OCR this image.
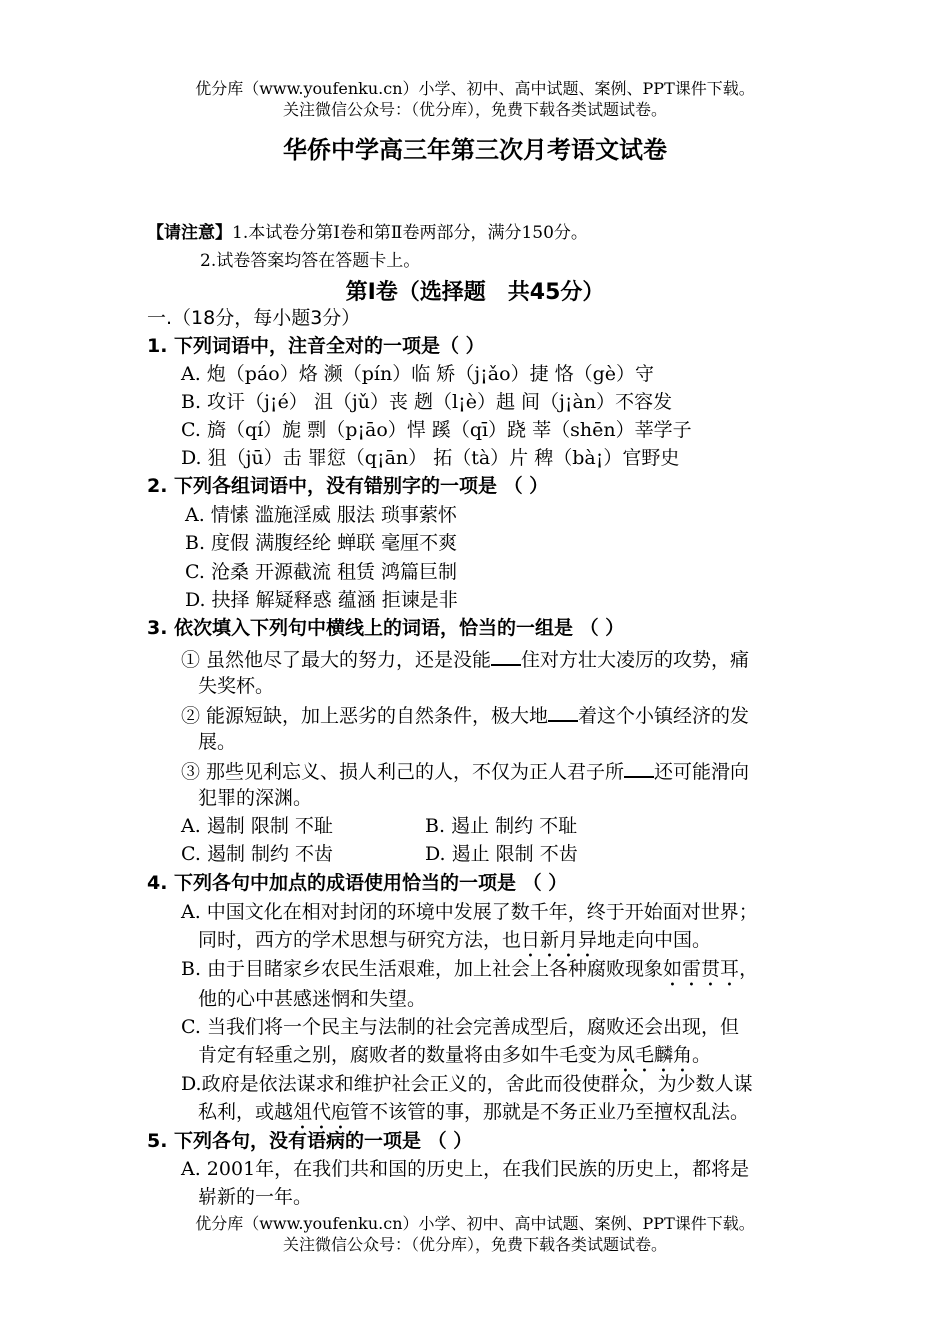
优分库（www.youfenku.cn）小学、初中、高中试题、案例、PPT课件下载。
关注微信公众号：（优分库），免费下载各类试题试卷。
华侨中学高三年第三次月考语文试卷
【请注意】1.本试卷分第Ⅰ卷和第Ⅱ卷两部分，满分150分。
2.试卷答案均答在答题卡上。
第Ⅰ卷（选择题　共45分）
一.（18分，每小题3分）
1. 下列词语中，注音全对的一项是（ ）
A. 炮（páo）烙 濒（pín）临 矫（j¡ǎo）捷 恪（gè）守
B. 攻讦（j¡é） 沮（jǔ）丧 趔（l¡è）趄 间（j¡àn）不容发
C. 旖（qí）旎 剽（p¡āo）悍 蹊（qī）跷 莘（shēn）莘学子
D. 狙（jū）击 罪愆（q¡ān） 拓（tà）片 稗（bà¡）官野史
2. 下列各组词语中，没有错别字的一项是 （ ）
A. 情愫 滥施淫威 服法 琐事萦怀
B. 度假 满腹经纶 蝉联 毫厘不爽
C. 沧桑 开源截流 租赁 鸿篇巨制
D. 抉择 解疑释惑 蕴涵 拒谏是非
3. 依次填入下列句中横线上的词语，恰当的一组是 （ ）
① 虽然他尽了最大的努力，还是没能 住对方壮大凌厉的攻势，痛
失奖杯。
② 能源短缺，加上恶劣的自然条件，极大地 着这个小镇经济的发
展。
③ 那些见利忘义、损人利己的人，不仅为正人君子所 还可能滑向
犯罪的深渊。
A. 遏制 限制 不耻	B. 遏止 制约 不耻
C. 遏制 制约 不齿	D. 遏止 限制 不齿
4. 下列各句中加点的成语使用恰当的一项是 （ ）
A. 中国文化在相对封闭的环境中发展了数千年，终于开始面对世界；
同时，西方的学术思想与研究方法，也日新月异地走向中国。
B. 由于目睹家乡农民生活艰难，加上社会上各种腐败现象如雷贯耳，
他的心中甚感迷惘和失望。
C. 当我们将一个民主与法制的社会完善成型后，腐败还会出现，但
肯定有轻重之别，腐败者的数量将由多如牛毛变为凤毛麟角。
D.政府是依法谋求和维护社会正义的，舍此而役使群众，为少数人谋
私利，或越俎代庖管不该管的事，那就是不务正业乃至擅权乱法。
5. 下列各句，没有语病的一项是 （ ）
A. 2001年，在我们共和国的历史上，在我们民族的历史上，都将是
崭新的一年。
优分库（www.youfenku.cn）小学、初中、高中试题、案例、PPT课件下载。
关注微信公众号：（优分库），免费下载各类试题试卷。
